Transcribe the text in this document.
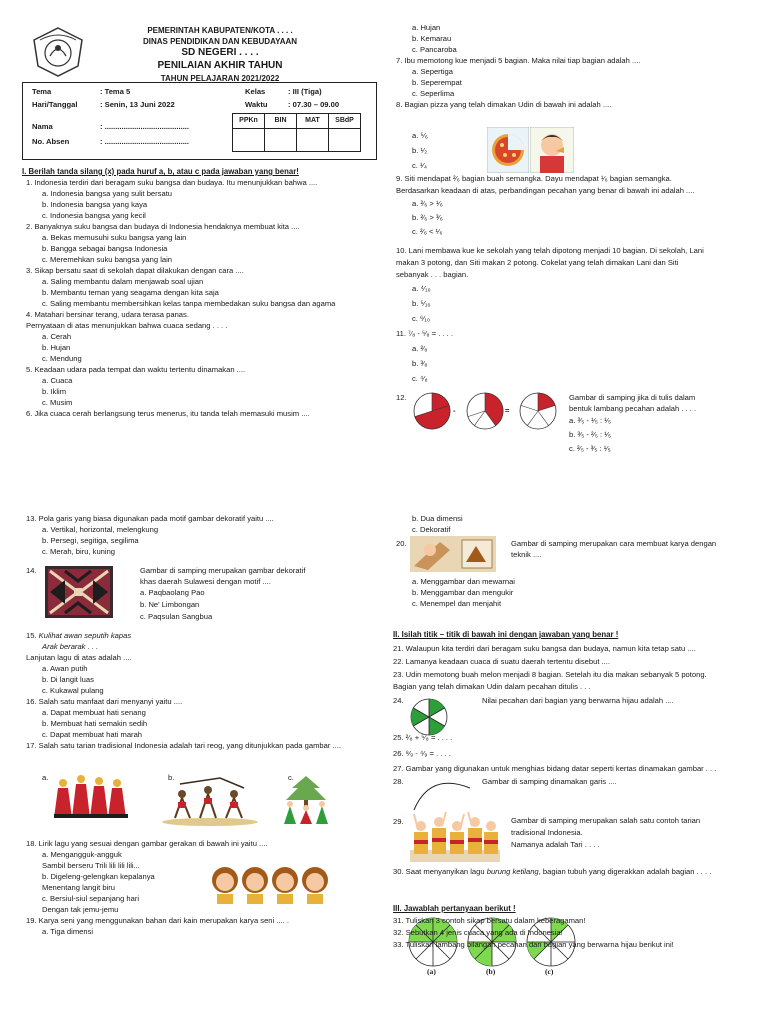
PEMERINTAH KABUPATEN/KOTA . . . .
DINAS PENDIDIKAN DAN KEBUDAYAAN
SD NEGERI . . . .
PENILAIAN AKHIR TAHUN
TAHUN PELAJARAN 2021/2022
Tema	: Tema 5	Kelas	: III (Tiga)
Hari/Tanggal	: Senin, 13 Juni 2022	Waktu	: 07.30 – 09.00
Nama	: ........................................
No. Absen	: ........................................
PPKn	BIN	MAT	SBdP
I. Berilah tanda silang (x) pada huruf a, b, atau c pada jawaban yang benar!
1. Indonesia terdiri dari beragam suku bangsa dan budaya. Itu menunjukkan bahwa ....
a. Indonesia bangsa yang sulit bersatu
b. Indonesia bangsa yang kaya
c. Indonesia bangsa yang kecil
2. Banyaknya suku bangsa dan budaya di Indonesia hendaknya membuat kita ....
a. Bekas memusuhi suku bangsa yang lain
b. Bangga sebagai bangsa Indonesia
c. Meremehkan suku bangsa yang lain
3. Sikap bersatu saat di sekolah dapat dilakukan dengan cara ....
a. Saling membantu dalam menjawab soal ujian
b. Membantu teman yang seagama dengan kita saja
c. Saling membantu membersihkan kelas tanpa membedakan suku bangsa dan agama
4. Matahari bersinar terang, udara terasa panas.
Pernyataan di atas menunjukkan bahwa cuaca sedang . . . .
a. Cerah
b. Hujan
c. Mendung
5. Keadaan udara pada tempat dan waktu tertentu dinamakan ....
a. Cuaca
b. Iklim
c. Musim
6. Jika cuaca cerah berlangsung terus menerus, itu tanda telah memasuki musim ....
a. Hujan
b. Kemarau
c. Pancaroba
7. Ibu memotong kue menjadi 5 bagian. Maka nilai tiap bagian adalah ....
a. Sepertiga
b. Seperempat
c. Seperlima
8. Bagian pizza yang telah dimakan Udin di bawah ini adalah ....
a. ⁵⁄₆
b. ¹⁄₂
c. ¹⁄₄
9. Siti mendapat ²⁄₆ bagian buah semangka. Dayu mendapat ¹⁄₆ bagian semangka.
Berdasarkan keadaan di atas, perbandingan pecahan yang benar di bawah ini adalah ....
a. ²⁄₆ > ¹⁄₆
b. ²⁄₆ > ³⁄₆
c. ²⁄₆ < ¹⁄₆
10. Lani membawa kue ke sekolah yang telah dipotong menjadi 10 bagian. Di sekolah, Lani
makan 3 potong, dan Siti makan 2 potong. Cokelat yang telah dimakan Lani dan Siti
sebanyak . . . bagian.
a. ⁴⁄₁₀
b. ⁵⁄₁₀
c. ⁶⁄₁₀
11. ⁷⁄₈ - ⁵⁄₈ = . . . .
a. ²⁄₈
b. ³⁄₈
c. ⁴⁄₈
12.
-	=
Gambar di samping jika di tulis dalam
bentuk lambang pecahan adalah . . . .
a. ³⁄₅ - ¹⁄₅ : ¹⁄₅
b. ³⁄₅ - ²⁄₅ : ¹⁄₅
c. ²⁄₅ - ³⁄₅ : ¹⁄₅
13. Pola garis yang biasa digunakan pada motif gambar dekoratif yaitu ....
a. Vertikal, horizontal, melengkung
b. Persegi, segitiga, segilima
c. Merah, biru, kuning
14.	Gambar di samping merupakan gambar dekoratif
khas daerah Sulawesi dengan motif ....
a. Paqbaolang Pao
b. Ne' Limbongan
c. Paqsulan Sangbua
15. Kulihat awan seputih kapas
Arak berarak . . .
Lanjutan lagu di atas adalah ....
a. Awan putih
b. Di langit luas
c. Kukawal pulang
16. Salah satu manfaat dari menyanyi yaitu ....
a. Dapat membuat hati senang
b. Membuat hati semakin sedih
c. Dapat membuat hati marah
17. Salah satu tarian tradisional Indonesia adalah tari reog, yang ditunjukkan pada gambar ....
a.	b.	c.
18. Lirik lagu yang sesuai dengan gambar gerakan di bawah ini yaitu ....
a. Mengangguk-angguk
Sambil berseru Trili lili lili lili...
b. Digeleng-gelengkan kepalanya
Menentang langit biru
c. Bersiul-siul sepanjang hari
Dengan tak jemu-jemu
19. Karya seni yang menggunakan bahan dari kain merupakan karya seni .... .
a. Tiga dimensi
b. Dua dimensi
c. Dekoratif
20.	Gambar di samping merupakan cara membuat karya dengan
teknik ....
a. Menggambar dan mewarnai
b. Menggambar dan mengukir
c. Menempel dan menjahit
II. Isilah titik – titik di bawah ini dengan jawaban yang benar !
21. Walaupun kita terdiri dari beragam suku bangsa dan budaya, namun kita tetap satu ....
22. Lamanya keadaan cuaca di suatu daerah tertentu disebut ....
23. Udin memotong buah melon menjadi 8 bagian. Setelah itu dia makan sebanyak 5 potong.
Bagian yang telah dimakan Udin dalam pecahan ditulis . . .
24.	Nilai pecahan dari bagian yang berwarna hijau adalah ....
25. ²⁄₈ + ⁵⁄₈ = . . . .
26. ⁸⁄₉ - ⁴⁄₉ = . . . .
27. Gambar yang digunakan untuk menghias bidang datar seperti kertas dinamakan gambar . . .
28.	Gambar di samping dinamakan garis ....
29.	Gambar di samping merupakan salah satu contoh tarian
tradisional Indonesia.
Namanya adalah Tari . . . .
30. Saat menyanyikan lagu burung ketilang, bagian tubuh yang digerakkan adalah bagian . . . .
III. Jawablah pertanyaan berikut !
31. Tuliskan 3 contoh sikap bersatu dalam keberagaman!
32. Sebutkan 4 jenis cuaca yang ada di Indonesia!
33. Tuliskan lambang bilangan pecahan dari bagian yang berwarna hijau berikut ini!
(a)	(b)	(c)
